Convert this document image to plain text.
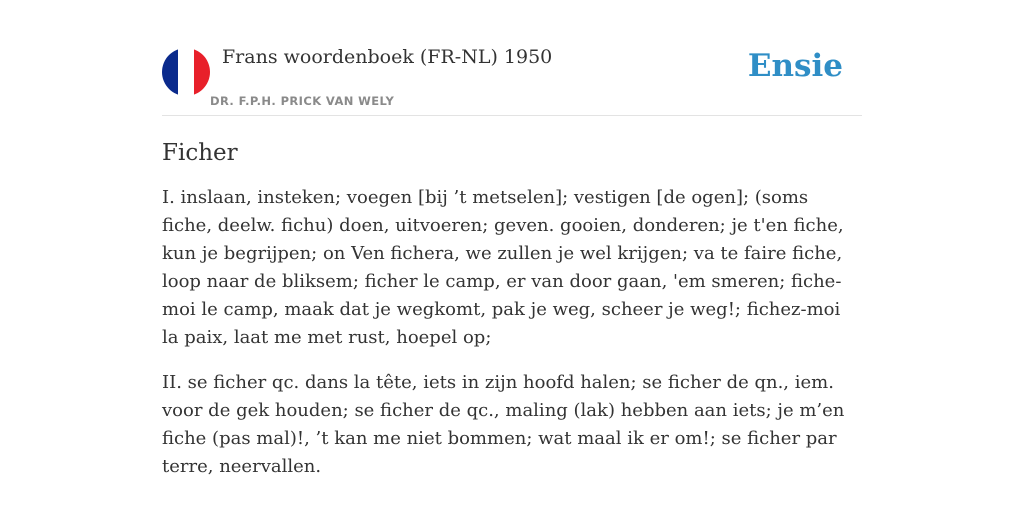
Frans woordenboek (FR-NL) 1950
DR. F.P.H. PRICK VAN WELY
Ensie
Ficher

I. inslaan, insteken; voegen [bij ’t metselen]; vestigen [de ogen]; (soms fiche, deelw. fichu) doen, uitvoeren; geven. gooien, donderen; je t'en fiche, kun je begrijpen; on Ven fichera, we zullen je wel krijgen; va te faire fiche, loop naar de bliksem; ficher le camp, er van door gaan, 'em smeren; fiche-moi le camp, maak dat je wegkomt, pak je weg, scheer je weg!; fichez-moi la paix, laat me met rust, hoepel op;

II. se ficher qc. dans la tête, iets in zijn hoofd halen; se ficher de qn., iem. voor de gek houden; se ficher de qc., maling (lak) hebben aan iets; je m’en fiche (pas mal)!, ’t kan me niet bommen; wat maal ik er om!; se ficher par terre, neervallen.
